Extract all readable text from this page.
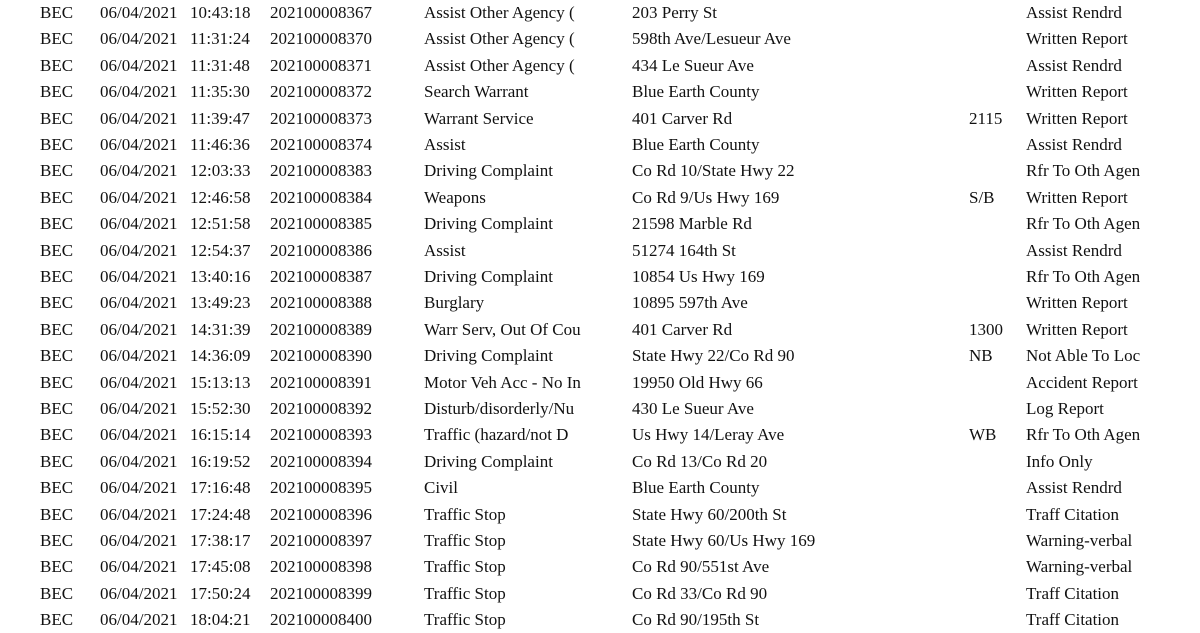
BEC 06/04/2021 10:43:18 202100008367	Assist Other Agency (	203 Perry St	Assist Rendrd
BEC 06/04/2021 11:31:24 202100008370	Assist Other Agency (	598th Ave/Lesueur Ave	Written Report
BEC 06/04/2021 11:31:48 202100008371	Assist Other Agency (	434 Le Sueur Ave	Assist Rendrd
BEC 06/04/2021 11:35:30 202100008372	Search Warrant	Blue Earth County	Written Report
BEC 06/04/2021 11:39:47 202100008373	Warrant Service	401 Carver Rd	2115 Written Report
BEC 06/04/2021 11:46:36 202100008374	Assist	Blue Earth County	Assist Rendrd
BEC 06/04/2021 12:03:33 202100008383	Driving Complaint	Co Rd 10/State Hwy 22	Rfr To Oth Agen
BEC 06/04/2021 12:46:58 202100008384	Weapons	Co Rd 9/Us Hwy 169	S/B Written Report
BEC 06/04/2021 12:51:58 202100008385	Driving Complaint	21598 Marble Rd	Rfr To Oth Agen
BEC 06/04/2021 12:54:37 202100008386	Assist	51274 164th St	Assist Rendrd
BEC 06/04/2021 13:40:16 202100008387	Driving Complaint	10854 Us Hwy 169	Rfr To Oth Agen
BEC 06/04/2021 13:49:23 202100008388	Burglary	10895 597th Ave	Written Report
BEC 06/04/2021 14:31:39 202100008389	Warr Serv, Out Of Cou	401 Carver Rd	1300 Written Report
BEC 06/04/2021 14:36:09 202100008390	Driving Complaint	State Hwy 22/Co Rd 90	NB Not Able To Loc
BEC 06/04/2021 15:13:13 202100008391	Motor Veh Acc - No In	19950 Old Hwy 66	Accident Report
BEC 06/04/2021 15:52:30 202100008392	Disturb/disorderly/Nu	430 Le Sueur Ave	Log Report
BEC 06/04/2021 16:15:14 202100008393	Traffic (hazard/not D	Us Hwy 14/Leray Ave	WB Rfr To Oth Agen
BEC 06/04/2021 16:19:52 202100008394	Driving Complaint	Co Rd 13/Co Rd 20	Info Only
BEC 06/04/2021 17:16:48 202100008395	Civil	Blue Earth County	Assist Rendrd
BEC 06/04/2021 17:24:48 202100008396	Traffic Stop	State Hwy 60/200th St	Traff Citation
BEC 06/04/2021 17:38:17 202100008397	Traffic Stop	State Hwy 60/Us Hwy 169	Warning-verbal
BEC 06/04/2021 17:45:08 202100008398	Traffic Stop	Co Rd 90/551st Ave	Warning-verbal
BEC 06/04/2021 17:50:24 202100008399	Traffic Stop	Co Rd 33/Co Rd 90	Traff Citation
BEC 06/04/2021 18:04:21 202100008400	Traffic Stop	Co Rd 90/195th St	Traff Citation
